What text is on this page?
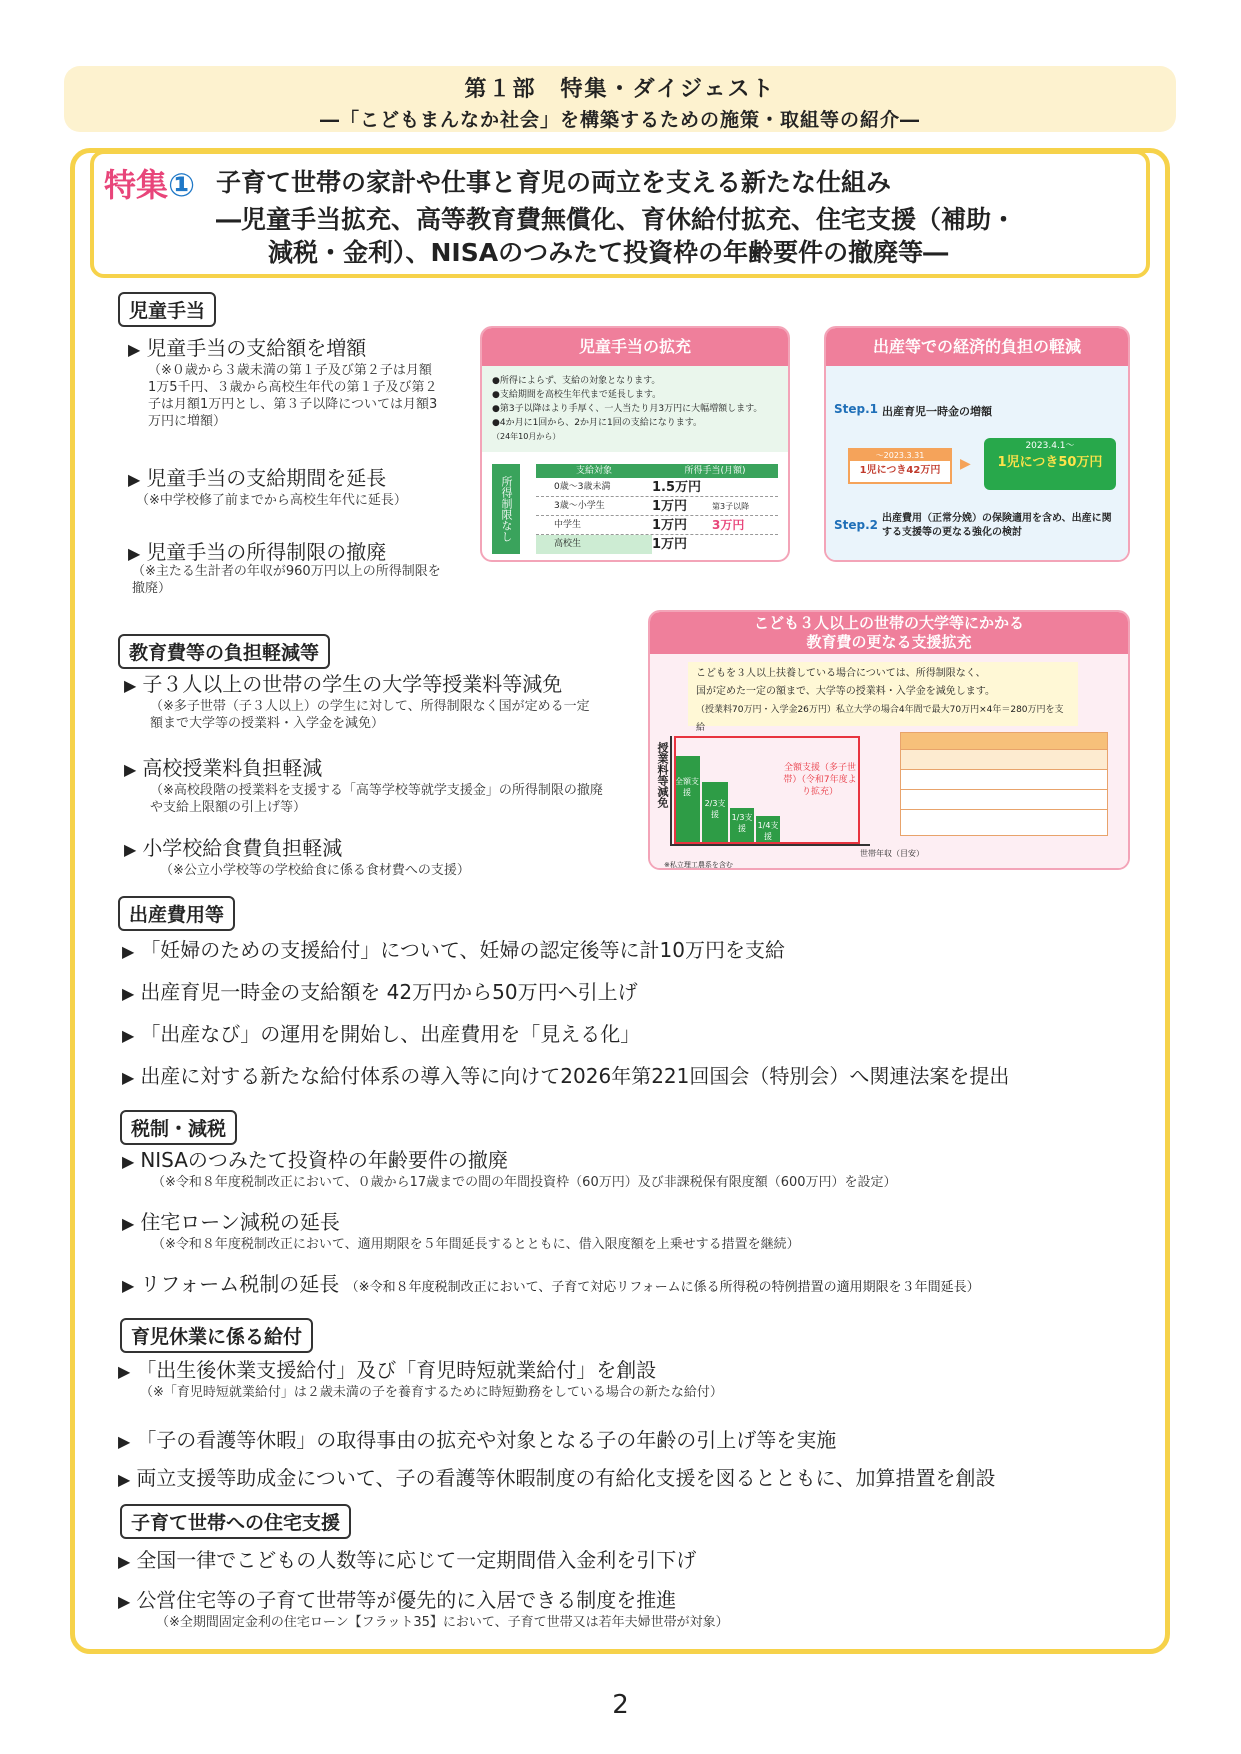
第１部　特集・ダイジェスト
―「こどもまんなか社会」を構築するための施策・取組等の紹介―
特集① 子育て世帯の家計や仕事と育児の両立を支える新たな仕組み
―児童手当拡充、高等教育費無償化、育休給付拡充、住宅支援（補助・
減税・金利）、NISAのつみたて投資枠の年齢要件の撤廃等―
児童手当
▶ 児童手当の支給額を増額
（※０歳から３歳未満の第１子及び第２子は月額1万5千円、３歳から高校生年代の第１子及び第２子は月額1万円とし、第３子以降については月額3万円に増額）
▶ 児童手当の支給期間を延長
（※中学校修了前までから高校生年代に延長）
▶ 児童手当の所得制限の撤廃
（※主たる生計者の年収が960万円以上の所得制限を撤廃）
児童手当の拡充
●所得によらず、支給の対象となります。
●支給期間を高校生年代まで延長します。
●第3子以降はより手厚く、一人当たり月3万円に大幅増額します。
●4か月に1回から、2か月に1回の支給になります。
（24年10月から）
所得制限なし
支給対象	所得手当(月額)
0歳～3歳未満	1.5万円
3歳～小学生	1万円	第3子以降
中学生	1万円	3万円
高校生	1万円
出産等での経済的負担の軽減
Step.1 出産育児一時金の増額
～2023.3.31
1児につき42万円	▶
2023.4.1～
1児につき50万円
Step.2 出産費用（正常分娩）の保険適用を含め、出産に関する支援等の更なる強化の検討
教育費等の負担軽減等
▶ 子３人以上の世帯の学生の大学等授業料等減免
（※多子世帯（子３人以上）の学生に対して、所得制限なく国が定める一定額まで大学等の授業料・入学金を減免）
▶ 高校授業料負担軽減
（※高校段階の授業料を支援する「高等学校等就学支援金」の所得制限の撤廃や支給上限額の引上げ等）
▶ 小学校給食費負担軽減
（※公立小学校等の学校給食に係る食材費への支援）
こども３人以上の世帯の大学等にかかる
教育費の更なる支援拡充
こどもを３人以上扶養している場合については、所得制限なく、
国が定めた一定の額まで、大学等の授業料・入学金を減免します。
（授業料70万円・入学金26万円）私立大学の場合4年間で最大70万円×4年＝280万円を支給
授業料等減免 全額支援
2/3支援	1/3支援	1/4支援
全額支援（多子世帯）（令和7年度より拡充）
世帯年収（目安）
※私立理工農系を含む
出産費用等
▶ 「妊婦のための支援給付」について、妊婦の認定後等に計10万円を支給
▶ 出産育児一時金の支給額を 42万円から50万円へ引上げ
▶ 「出産なび」の運用を開始し、出産費用を「見える化」
▶ 出産に対する新たな給付体系の導入等に向けて2026年第221回国会（特別会）へ関連法案を提出
税制・減税
▶ NISAのつみたて投資枠の年齢要件の撤廃
（※令和８年度税制改正において、０歳から17歳までの間の年間投資枠（60万円）及び非課税保有限度額（600万円）を設定）
▶ 住宅ローン減税の延長
（※令和８年度税制改正において、適用期限を５年間延長するとともに、借入限度額を上乗せする措置を継続）
▶ リフォーム税制の延長 （※令和８年度税制改正において、子育て対応リフォームに係る所得税の特例措置の適用期限を３年間延長）
育児休業に係る給付
▶ 「出生後休業支援給付」及び「育児時短就業給付」を創設
（※「育児時短就業給付」は２歳未満の子を養育するために時短勤務をしている場合の新たな給付）
▶ 「子の看護等休暇」の取得事由の拡充や対象となる子の年齢の引上げ等を実施
▶ 両立支援等助成金について、子の看護等休暇制度の有給化支援を図るとともに、加算措置を創設
子育て世帯への住宅支援
▶ 全国一律でこどもの人数等に応じて一定期間借入金利を引下げ
▶ 公営住宅等の子育て世帯等が優先的に入居できる制度を推進
（※全期間固定金利の住宅ローン【フラット35】において、子育て世帯又は若年夫婦世帯が対象）
2
